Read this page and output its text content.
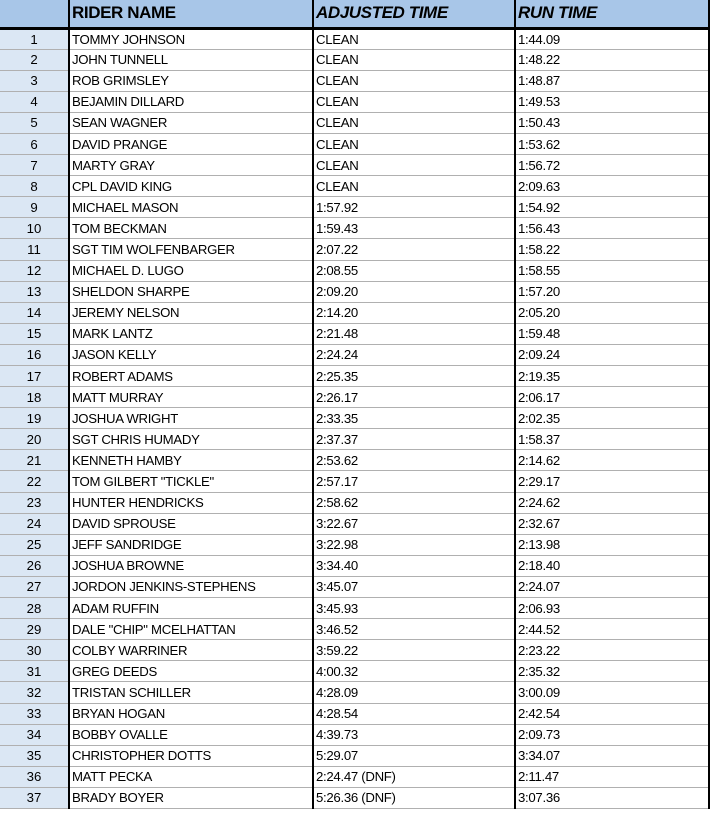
	RIDER NAME	ADJUSTED TIME	RUN TIME
1	TOMMY JOHNSON	CLEAN	1:44.09
2	JOHN TUNNELL	CLEAN	1:48.22
3	ROB GRIMSLEY	CLEAN	1:48.87
4	BEJAMIN DILLARD	CLEAN	1:49.53
5	SEAN WAGNER	CLEAN	1:50.43
6	DAVID PRANGE	CLEAN	1:53.62
7	MARTY GRAY	CLEAN	1:56.72
8	CPL DAVID KING	CLEAN	2:09.63
9	MICHAEL MASON	1:57.92	1:54.92
10	TOM BECKMAN	1:59.43	1:56.43
11	SGT TIM WOLFENBARGER	2:07.22	1:58.22
12	MICHAEL D. LUGO	2:08.55	1:58.55
13	SHELDON SHARPE	2:09.20	1:57.20
14	JEREMY NELSON	2:14.20	2:05.20
15	MARK LANTZ	2:21.48	1:59.48
16	JASON KELLY	2:24.24	2:09.24
17	ROBERT ADAMS	2:25.35	2:19.35
18	MATT MURRAY	2:26.17	2:06.17
19	JOSHUA WRIGHT	2:33.35	2:02.35
20	SGT CHRIS HUMADY	2:37.37	1:58.37
21	KENNETH HAMBY	2:53.62	2:14.62
22	TOM GILBERT "TICKLE"	2:57.17	2:29.17
23	HUNTER HENDRICKS	2:58.62	2:24.62
24	DAVID SPROUSE	3:22.67	2:32.67
25	JEFF SANDRIDGE	3:22.98	2:13.98
26	JOSHUA BROWNE	3:34.40	2:18.40
27	JORDON JENKINS-STEPHENS	3:45.07	2:24.07
28	ADAM RUFFIN	3:45.93	2:06.93
29	DALE "CHIP" MCELHATTAN	3:46.52	2:44.52
30	COLBY WARRINER	3:59.22	2:23.22
31	GREG DEEDS	4:00.32	2:35.32
32	TRISTAN SCHILLER	4:28.09	3:00.09
33	BRYAN HOGAN	4:28.54	2:42.54
34	BOBBY OVALLE	4:39.73	2:09.73
35	CHRISTOPHER DOTTS	5:29.07	3:34.07
36	MATT PECKA	2:24.47 (DNF)	2:11.47
37	BRADY BOYER	5:26.36 (DNF)	3:07.36
